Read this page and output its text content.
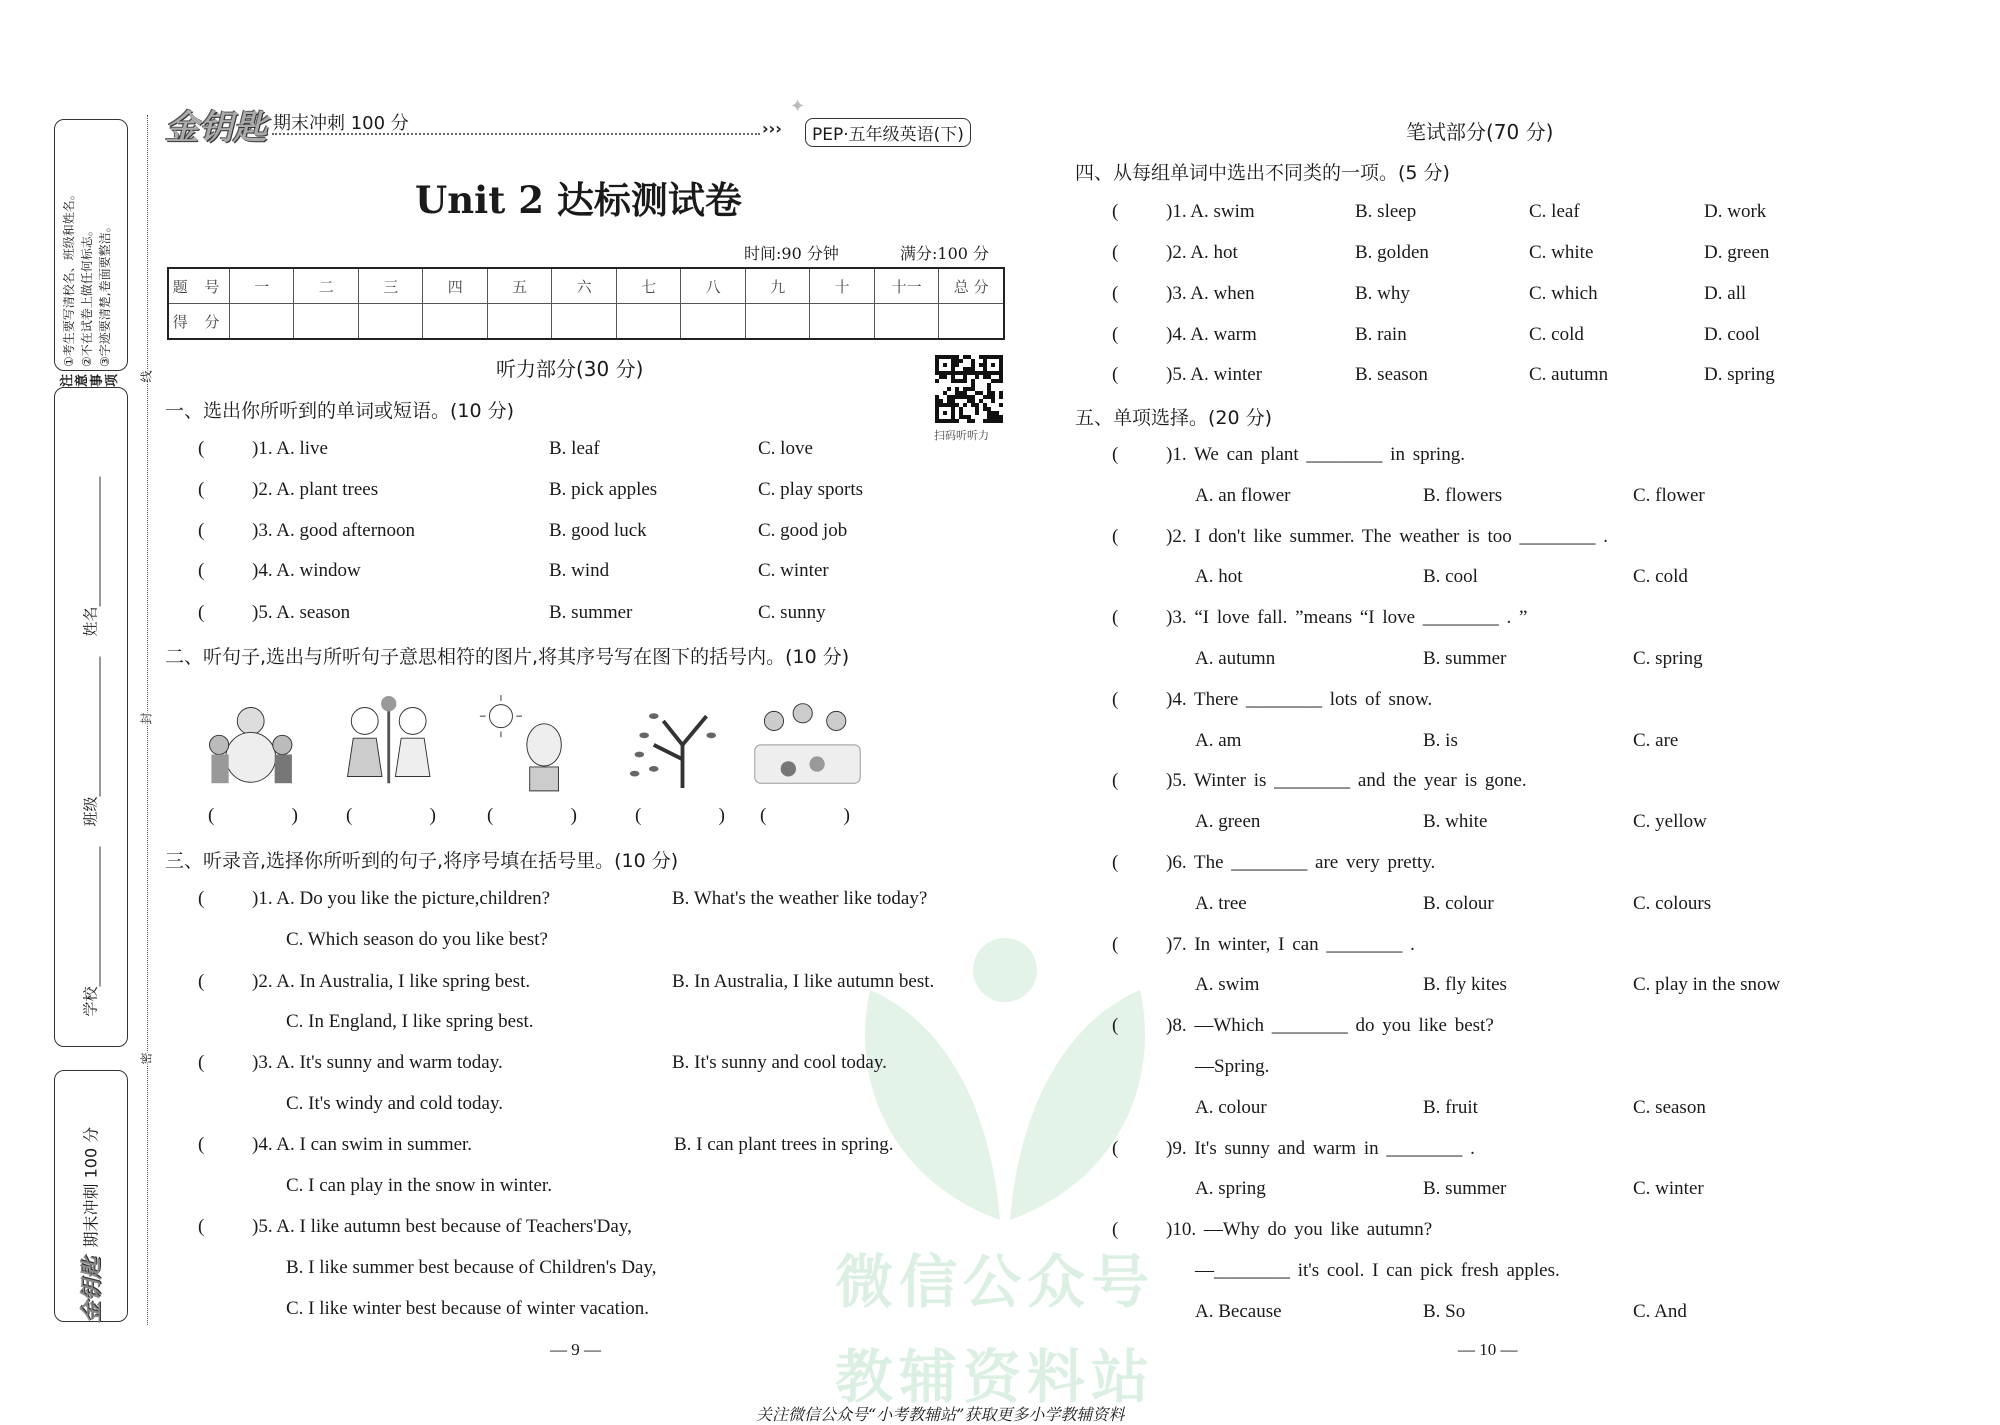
注意事项
①考生要写清校名、班级和姓名。 ②不在试卷上做任何标志。 ③字迹要清楚,卷面要整洁。
学校
班级
姓名
金钥匙
期末冲刺 100 分
线
封
密
微信公众号
教辅资料站
金钥匙 期末冲刺 100 分	›››	PEP·五年级英语(下)
✦
Unit 2 达标测试卷
时间:90 分钟	满分:100 分
题 号	一	二	三	四	五	六	七	八	九	十	十一	总 分
得 分												
听力部分(30 分)
扫码听听力
一、选出你所听到的单词或短语。(10 分)
(	)1. A. live	B. leaf	C. love
(	)2. A. plant trees	B. pick apples	C. play sports
(	)3. A. good afternoon	B. good luck	C. good job
(	)4. A. window	B. wind	C. winter
(	)5. A. season	B. summer	C. sunny
二、听句子,选出与所听句子意思相符的图片,将其序号写在图下的括号内。(10 分)
(	)	(	)	(	)	(	) (	)
三、听录音,选择你所听到的句子,将序号填在括号里。(10 分)
(	)1. A. Do you like the picture,children?	B. What's the weather like today?
C. Which season do you like best?
(	)2. A. In Australia, I like spring best.	B. In Australia, I like autumn best.
C. In England, I like spring best.
(	)3. A. It's sunny and warm today.	B. It's sunny and cool today.
C. It's windy and cold today.
(	)4. A. I can swim in summer.	B. I can plant trees in spring.
C. I can play in the snow in winter.
(	)5. A. I like autumn best because of Teachers'Day,
B. I like summer best because of Children's Day,
C. I like winter best because of winter vacation.
— 9 —
笔试部分(70 分)
四、从每组单词中选出不同类的一项。(5 分)
(	)1. A. swim	B. sleep	C. leaf	D. work
(	)2. A. hot	B. golden	C. white	D. green
(	)3. A. when	B. why	C. which	D. all
(	)4. A. warm	B. rain	C. cold	D. cool
(	)5. A. winter	B. season	C. autumn	D. spring
五、单项选择。(20 分)
(	)1. We can plant ________ in spring.
A. an flower	B. flowers	C. flower
(	)2. I don't like summer. The weather is too ________ .
A. hot	B. cool	C. cold
(	)3. “I love fall. ”means “I love ________ . ”
A. autumn	B. summer	C. spring
(	)4. There ________ lots of snow.
A. am	B. is	C. are
(	)5. Winter is ________ and the year is gone.
A. green	B. white	C. yellow
(	)6. The ________ are very pretty.
A. tree	B. colour	C. colours
(	)7. In winter, I can ________ .
A. swim	B. fly kites	C. play in the snow
(	)8. —Which ________ do you like best?
—Spring.
A. colour	B. fruit	C. season
(	)9. It's sunny and warm in ________ .
A. spring	B. summer	C. winter
(	)10. —Why do you like autumn?
—________ it's cool. I can pick fresh apples.
A. Because	B. So	C. And
— 10 —
关注微信公众号“小考教辅站”获取更多小学教辅资料
